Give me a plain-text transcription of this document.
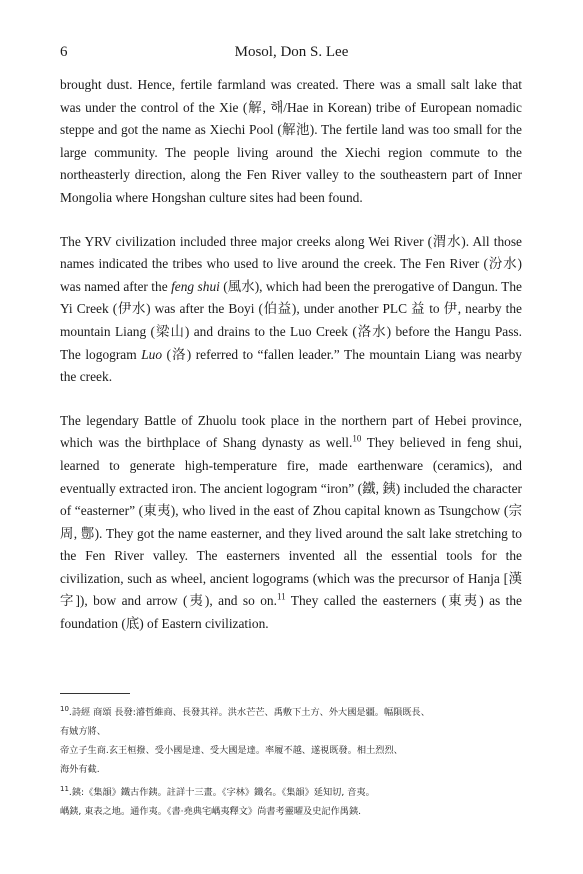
6	Mosol, Don S. Lee

brought dust. Hence, fertile farmland was created. There was a small salt lake that was under the control of the Xie (解, 해/Hae in Korean) tribe of European nomadic steppe and got the name as Xiechi Pool (解池). The fertile land was too small for the large community. The people living around the Xiechi region commute to the northeasterly direction, along the Fen River valley to the southeastern part of Inner Mongolia where Hongshan culture sites had been found.

The YRV civilization included three major creeks along Wei River (渭水). All those names indicated the tribes who used to live around the creek. The Fen River (汾水) was named after the feng shui (風水), which had been the prerogative of Dangun. The Yi Creek (伊水) was after the Boyi (伯益), under another PLC 益 to 伊, nearby the mountain Liang (梁山) and drains to the Luo Creek (洛水) before the Hangu Pass. The logogram Luo (洛) referred to “fallen leader.” The mountain Liang was nearby the creek.

The legendary Battle of Zhuolu took place in the northern part of Hebei province, which was the birthplace of Shang dynasty as well.$^{10}$ They believed in feng shui, learned to generate high-temperature fire, made earthenware (ceramics), and eventually extracted iron. The ancient logogram “iron” (鐵, 銕) included the character of “easterner” (東夷), who lived in the east of Zhou capital known as Tsungchow (宗周, 鄷). They got the name easterner, and they lived around the salt lake stretching to the Fen River valley. The easterners invented all the essential tools for the civilization, such as wheel, ancient logograms (which was the precursor of Hanja [漢字]), bow and arrow (夷), and so on.$^{11}$ They called the easterners (東夷) as the foundation (底) of Eastern civilization.

$^{10}$.詩經 商頌 長發:濬哲維商、長發其祥。洪水芒芒、禹敷下土方、外大國是疆。幅隕既長、
有娀方將、
帝立子生商.玄王桓撥、受小國是達、受大國是達。率履不越、遂視既發。相土烈烈、
海外有截.
$^{11}$.銕:《集韻》鐵古作銕。註詳十三畫。《字林》鐵名。《集韻》延知切, 音夷。
嵎銕, 東表之地。通作夷。《書·堯典宅嵎夷釋文》尚書考靈曜及史記作禺銕.
